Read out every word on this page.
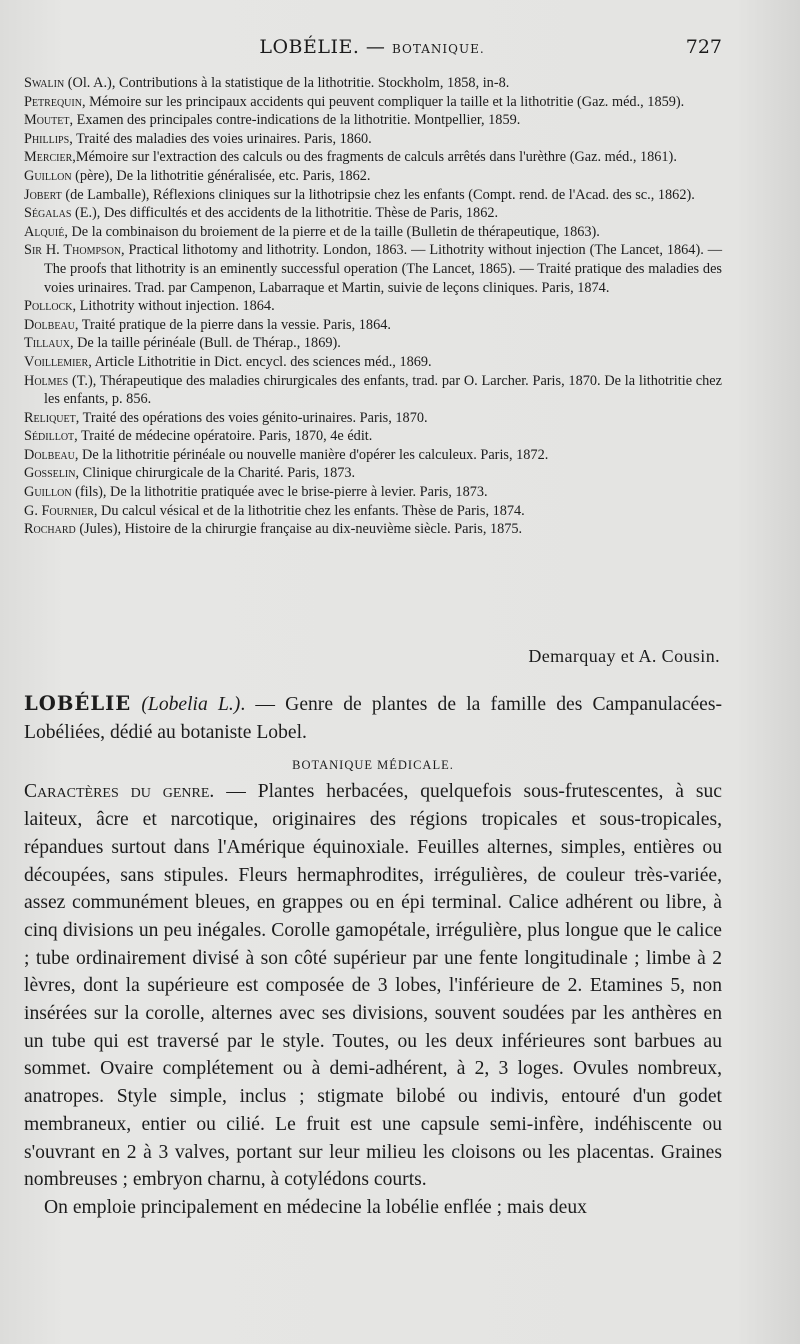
LOBÉLIE. — BOTANIQUE.	727
Swalin (Ol. A.), Contributions à la statistique de la lithotritie. Stockholm, 1858, in-8.
Petrequin, Mémoire sur les principaux accidents qui peuvent compliquer la taille et la lithotritie (Gaz. méd., 1859).
Moutet, Examen des principales contre-indications de la lithotritie. Montpellier, 1859.
Phillips, Traité des maladies des voies urinaires. Paris, 1860.
Mercier,Mémoire sur l'extraction des calculs ou des fragments de calculs arrêtés dans l'urèthre (Gaz. méd., 1861).
Guillon (père), De la lithotritie généralisée, etc. Paris, 1862.
Jobert (de Lamballe), Réflexions cliniques sur la lithotripsie chez les enfants (Compt. rend. de l'Acad. des sc., 1862).
Ségalas (E.), Des difficultés et des accidents de la lithotritie. Thèse de Paris, 1862.
Alquié, De la combinaison du broiement de la pierre et de la taille (Bulletin de thérapeutique, 1863).
Sir H. Thompson, Practical lithotomy and lithotrity. London, 1863. — Lithotrity without injection (The Lancet, 1864). — The proofs that lithotrity is an eminently successful operation (The Lancet, 1865). — Traité pratique des maladies des voies urinaires. Trad. par Campenon, Labarraque et Martin, suivie de leçons cliniques. Paris, 1874.
Pollock, Lithotrity without injection. 1864.
Dolbeau, Traité pratique de la pierre dans la vessie. Paris, 1864.
Tillaux, De la taille périnéale (Bull. de Thérap., 1869).
Voillemier, Article Lithotritie in Dict. encycl. des sciences méd., 1869.
Holmes (T.), Thérapeutique des maladies chirurgicales des enfants, trad. par O. Larcher. Paris, 1870. De la lithotritie chez les enfants, p. 856.
Reliquet, Traité des opérations des voies génito-urinaires. Paris, 1870.
Sédillot, Traité de médecine opératoire. Paris, 1870, 4e édit.
Dolbeau, De la lithotritie périnéale ou nouvelle manière d'opérer les calculeux. Paris, 1872.
Gosselin, Clinique chirurgicale de la Charité. Paris, 1873.
Guillon (fils), De la lithotritie pratiquée avec le brise-pierre à levier. Paris, 1873.
G. Fournier, Du calcul vésical et de la lithotritie chez les enfants. Thèse de Paris, 1874.
Rochard (Jules), Histoire de la chirurgie française au dix-neuvième siècle. Paris, 1875.
Demarquay et A. Cousin.

LOBÉLIE (Lobelia L.). — Genre de plantes de la famille des Campanulacées-Lobéliées, dédié au botaniste Lobel.

BOTANIQUE MÉDICALE.

Caractères du genre. — Plantes herbacées, quelquefois sous-frutescentes, à suc laiteux, âcre et narcotique, originaires des régions tropicales et sous-tropicales, répandues surtout dans l'Amérique équinoxiale. Feuilles alternes, simples, entières ou découpées, sans stipules. Fleurs hermaphrodites, irrégulières, de couleur très-variée, assez communément bleues, en grappes ou en épi terminal. Calice adhérent ou libre, à cinq divisions un peu inégales. Corolle gamopétale, irrégulière, plus longue que le calice ; tube ordinairement divisé à son côté supérieur par une fente longitudinale ; limbe à 2 lèvres, dont la supérieure est composée de 3 lobes, l'inférieure de 2. Etamines 5, non insérées sur la corolle, alternes avec ses divisions, souvent soudées par les anthères en un tube qui est traversé par le style. Toutes, ou les deux inférieures sont barbues au sommet. Ovaire complétement ou à demi-adhérent, à 2, 3 loges. Ovules nombreux, anatropes. Style simple, inclus ; stigmate bilobé ou indivis, entouré d'un godet membraneux, entier ou cilié. Le fruit est une capsule semi-infère, indéhiscente ou s'ouvrant en 2 à 3 valves, portant sur leur milieu les cloisons ou les placentas. Graines nombreuses ; embryon charnu, à cotylédons courts.

On emploie principalement en médecine la lobélie enflée ; mais deux
